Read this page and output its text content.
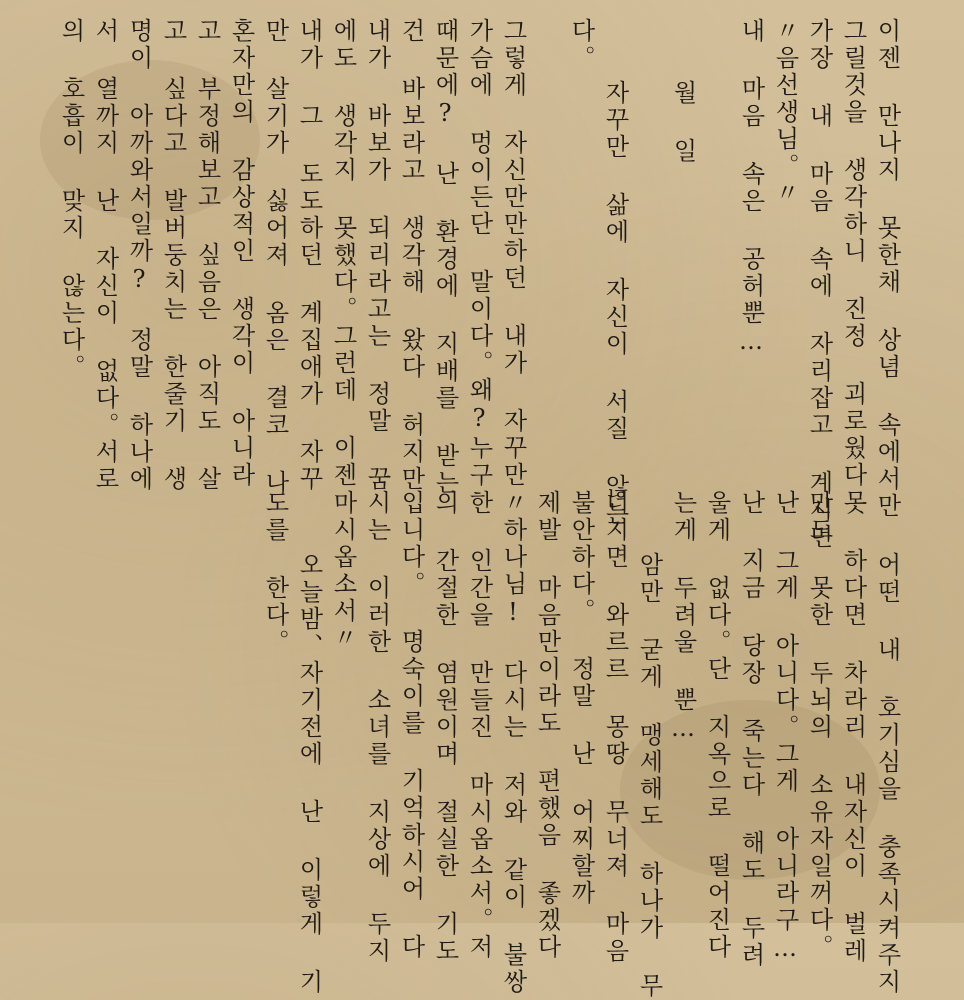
이젠 만나지 못한채 상념 속에서만
그릴것을 생각하니 진정 괴로웠다
가장 내 마음 속에 자리잡고 계시던
〃음선생님。〃
내 마음 속은 공허뿐…

월 일

자꾸만 삶에 자신이 서질 않는
다。

그렇게 자신만만하던 내가 자꾸만
가슴에 멍이든단 말이다。왜?누구
때문에? 난 환경에 지배를 받는
건 바보라고 생각해 왔다 허지만
내가 바보가 되리라고는 정말 꿈
에도 생각지 못했다。그런데 이젠
내가 그 도도하던 계집애가 자꾸
만 살기가 싫어져 옴은 결코 나
혼자만의 감상적인 생각이 아니라
고 부정해보고 싶음은 아직도 살
고 싶다고 발버둥치는 한줄기 생
명이 아까와서일까? 정말 하나에
서 열까지 난 자신이 없다。서로
의 호흡이 맞지 않는다。
어떤 내 호기심을 충족시켜주지
못 하다면 차라리 내자신이 벌레
만도 못한 두뇌의 소유자일꺼다。
난 그게 아니다。그게 아니라구…
난 지금 당장 죽는다 해도 두려
울게 없다。단 지옥으로 떨어진다
는게 두려울 뿐…
암만 굳게 맹세해도 하나가 무
너지면 와르르 몽땅 무너져 마음
불안하다。 정말 난 어찌할까
제발 마음만이라도 편했음 좋겠다
〃하나님! 다시는 저와 같이 불쌍
한 인간을 만들진 마시옵소서。저
의 간절한 염원이며 절실한 기도
입니다。 명숙이를 기억하시어 다
시는 이러한 소녀를 지상에 두지
마시옵소서〃
오늘밤、자기전에 난 이렇게 기
도를 한다。
